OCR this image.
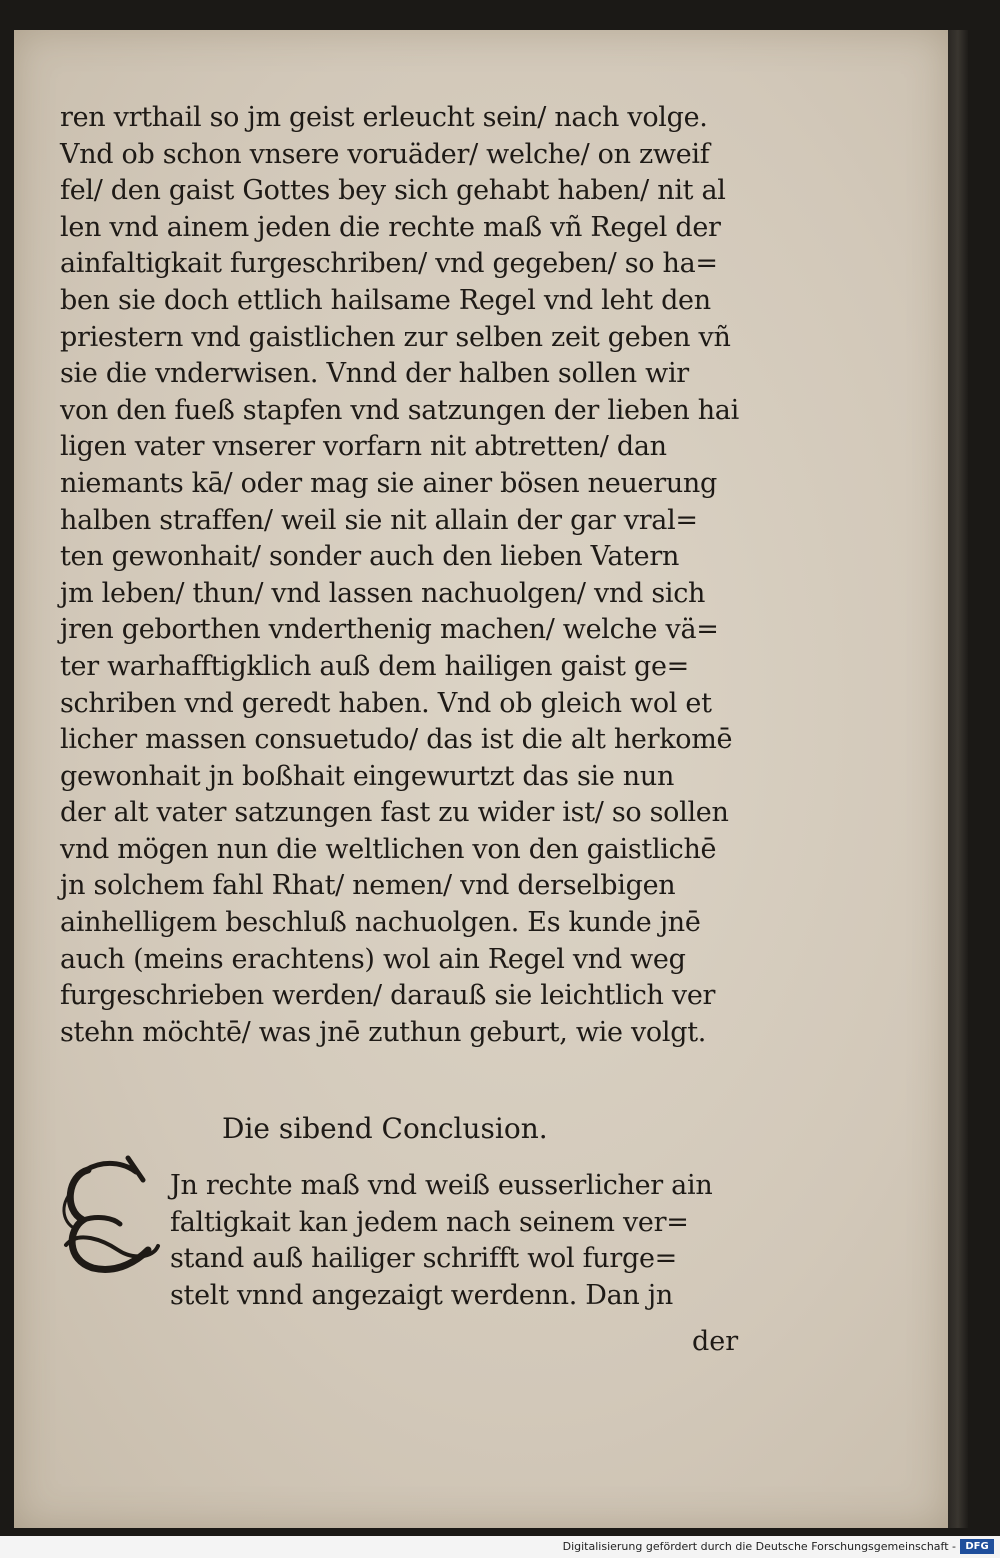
ren vrthail so jm geist erleucht sein/ nach volge.
Vnd ob schon vnsere voruäder/ welche/ on zweif
fel/ den gaist Gottes bey sich gehabt haben/ nit al
len vnd ainem jeden die rechte maß vñ Regel der
ainfaltigkait furgeschriben/ vnd gegeben/ so ha=
ben sie doch ettlich hailsame Regel vnd leht den
priestern vnd gaistlichen zur selben zeit geben vñ
sie die vnderwisen. Vnnd der halben sollen wir
von den fueß stapfen vnd satzungen der lieben hai
ligen vater vnserer vorfarn nit abtretten/ dan
niemants kā/ oder mag sie ainer bösen neuerung
halben straffen/ weil sie nit allain der gar vral=
ten gewonhait/ sonder auch den lieben Vatern
jm leben/ thun/ vnd lassen nachuolgen/ vnd sich
jren geborthen vnderthenig machen/ welche vä=
ter warhafftigklich auß dem hailigen gaist ge=
schriben vnd geredt haben. Vnd ob gleich wol et
licher massen consuetudo/ das ist die alt herkomē
gewonhait jn boßhait eingewurtzt das sie nun
der alt vater satzungen fast zu wider ist/ so sollen
vnd mögen nun die weltlichen von den gaistlichē
jn solchem fahl Rhat/ nemen/ vnd derselbigen
ainhelligem beschluß nachuolgen. Es kunde jnē
auch (meins erachtens) wol ain Regel vnd weg
furgeschrieben werden/ darauß sie leichtlich ver
stehn möchtē/ was jnē zuthun geburt, wie volgt.
Die sibend Conclusion.
Jn rechte maß vnd weiß eusserlicher ain
faltigkait kan jedem nach seinem ver=
stand auß hailiger schrifft wol furge=
stelt vnnd angezaigt werdenn. Dan jn
der
Digitalisierung gefördert durch die Deutsche Forschungsgemeinschaft - DFG
